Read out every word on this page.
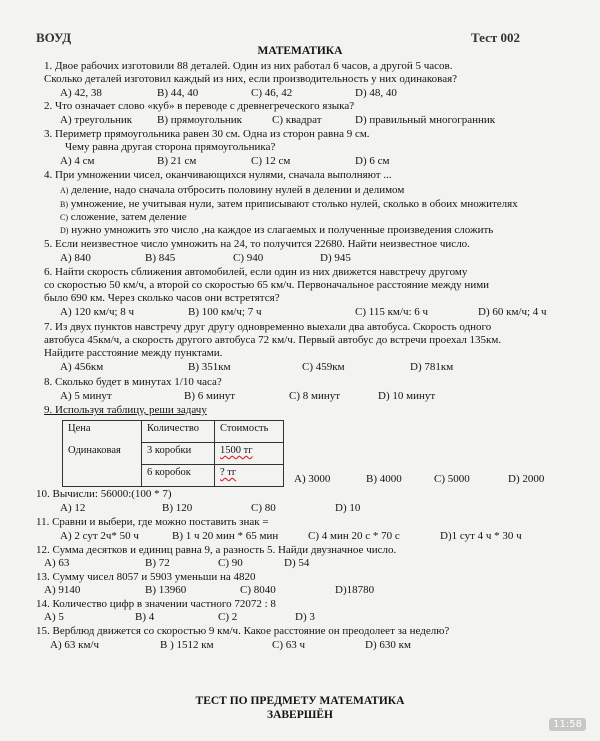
ВОУД	Тест 002
МАТЕМАТИКА
1. Двое рабочих изготовили 88 деталей. Один из них работал 6 часов, а другой 5 часов.
Сколько деталей изготовил каждый из них, если производительность у них одинаковая?
A) 42, 38	B) 44, 40	C) 46, 42	D) 48, 40
2. Что означает слово «куб» в переводе с древнегреческого языка?
A) треугольник B) прямоугольник	C) квадрат	D) правильный многогранник
3. Периметр прямоугольника равен 30 см. Одна из сторон равна 9 см.
Чему равна другая сторона прямоугольника?
A) 4 см	B) 21 см	C) 12 см	D) 6 см
4. При умножении чисел, оканчивающихся нулями, сначала выполняют ...
A) деление, надо сначала отбросить половину нулей в делении и делимом
B) умножение, не учитывая нули, затем приписывают столько нулей, сколько в обоих множителях
C) сложение, затем деление
D) нужно умножить это число ,на каждое из слагаемых и полученные произведения сложить
5. Если неизвестное число умножить на 24, то получится 22680. Найти неизвестное число.
A) 840	B) 845	C) 940	D) 945
6. Найти скорость сближения автомобилей, если один из них движется навстречу другому
со скоростью 50 км/ч, а второй со скоростью 65 км/ч. Первоначальное расстояние между ними
было 690 км. Через сколько часов они встретятся?
A) 120 км/ч; 8 ч	B) 100 км/ч; 7 ч	C) 115 км/ч: 6 ч	D) 60 км/ч; 4 ч
7. Из двух пунктов навстречу друг другу одновременно выехали два автобуса. Скорость одного
автобуса 45км/ч, а скорость другого автобуса 72 км/ч. Первый автобус до встречи проехал 135км.
Найдите расстояние между пунктами.
A) 456км	B) 351км	C) 459км	D) 781км
8. Сколько будет в минутах 1/10 часа?
A) 5 минут	B) 6 минут	C) 8 минут	D) 10 минут
9. Используя таблицу, реши задачу
Цена	Количество	Стоимость
Одинаковая	3 коробки	1500 тг
	6 коробок	? тг
A) 3000	B) 4000	C) 5000	D) 2000
10. Вычисли: 56000:(100 * 7)
A) 12	B) 120	C) 80	D) 10
11. Сравни и выбери, где можно поставить знак =
A) 2 сут 2ч* 50 ч	B) 1 ч 20 мин * 65 мин	C) 4 мин 20 с * 70 с	D)1 сут 4 ч * 30 ч
12. Сумма десятков и единиц равна 9, а разность 5. Найди двузначное число.
A) 63	B) 72	C) 90	D) 54
13. Сумму чисел 8057 и 5903 уменьши на 4820
A) 9140	B) 13960	C) 8040	D)18780
14. Количество цифр в значении частного 72072 : 8
A) 5	B) 4	C) 2	D) 3
15. Верблюд движется со скоростью 9 км/ч. Какое расстояние он преодолеет за неделю?
A) 63 км/ч	B ) 1512 км	C) 63 ч	D) 630 км
ТЕСТ ПО ПРЕДМЕТУ МАТЕМАТИКА
ЗАВЕРШЁН
11:58
